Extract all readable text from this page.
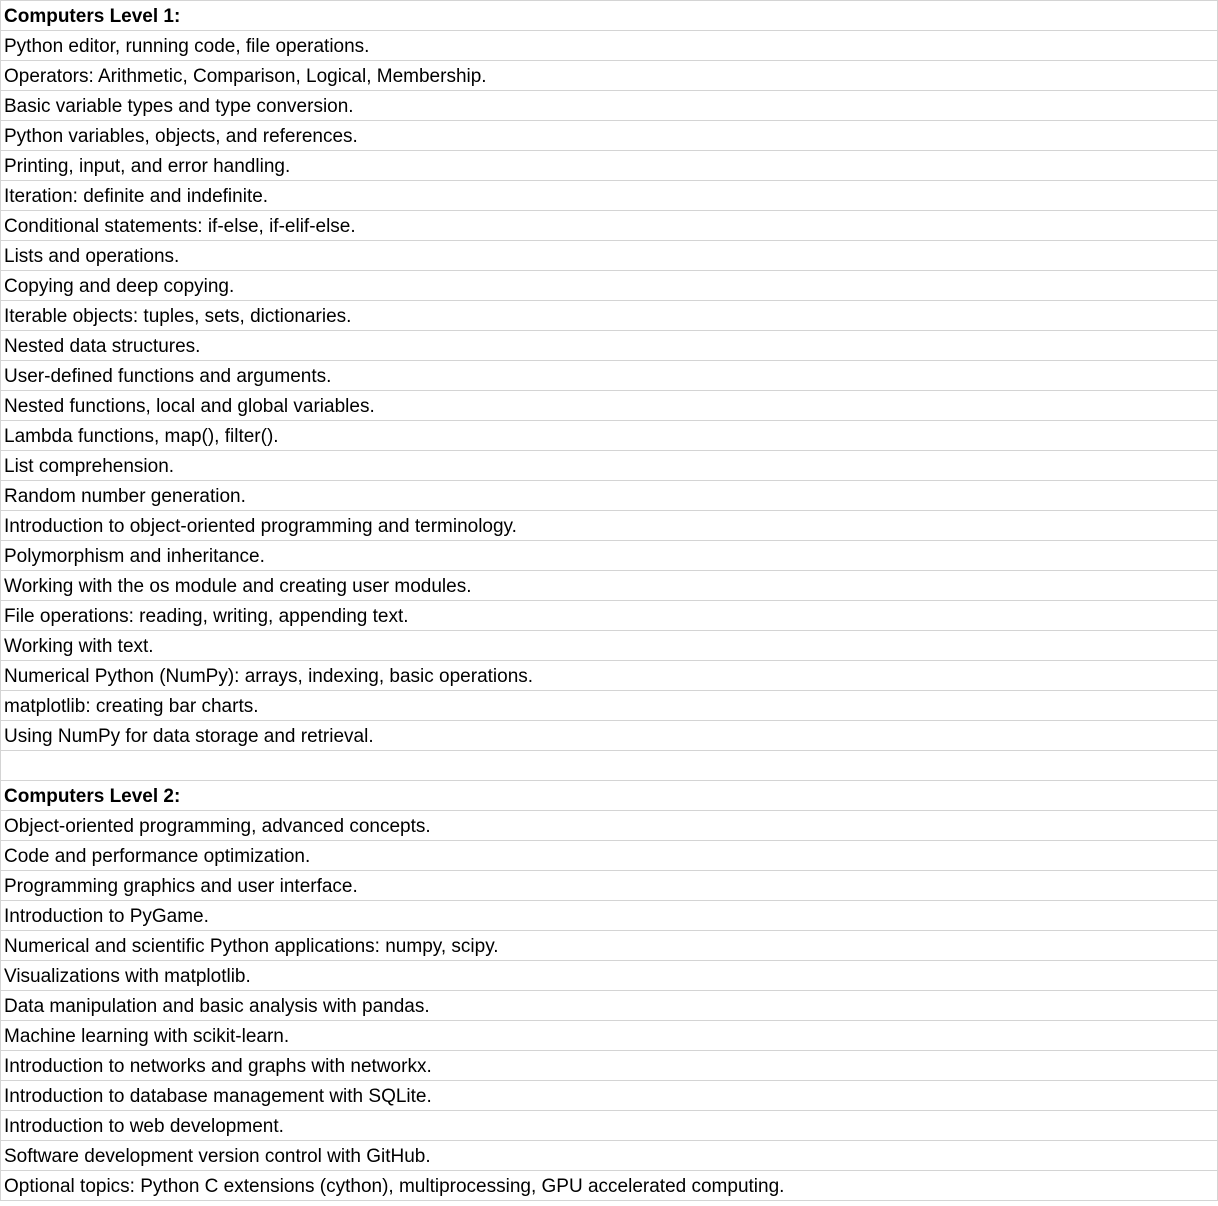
Computers Level 1:
Python editor, running code, file operations.
Operators: Arithmetic, Comparison, Logical, Membership.
Basic variable types and type conversion.
Python variables, objects, and references.
Printing, input, and error handling.
Iteration: definite and indefinite.
Conditional statements: if-else, if-elif-else.
Lists and operations.
Copying and deep copying.
Iterable objects: tuples, sets, dictionaries.
Nested data structures.
User-defined functions and arguments.
Nested functions, local and global variables.
Lambda functions, map(), filter().
List comprehension.
Random number generation.
Introduction to object-oriented programming and terminology.
Polymorphism and inheritance.
Working with the os module and creating user modules.
File operations: reading, writing, appending text.
Working with text.
Numerical Python (NumPy): arrays, indexing, basic operations.
matplotlib: creating bar charts.
Using NumPy for data storage and retrieval.
Computers Level 2:
Object-oriented programming, advanced concepts.
Code and performance optimization.
Programming graphics and user interface.
Introduction to PyGame.
Numerical and scientific Python applications: numpy, scipy.
Visualizations with matplotlib.
Data manipulation and basic analysis with pandas.
Machine learning with scikit-learn.
Introduction to networks and graphs with networkx.
Introduction to database management with SQLite.
Introduction to web development.
Software development version control with GitHub.
Optional topics: Python C extensions (cython), multiprocessing, GPU accelerated computing.
